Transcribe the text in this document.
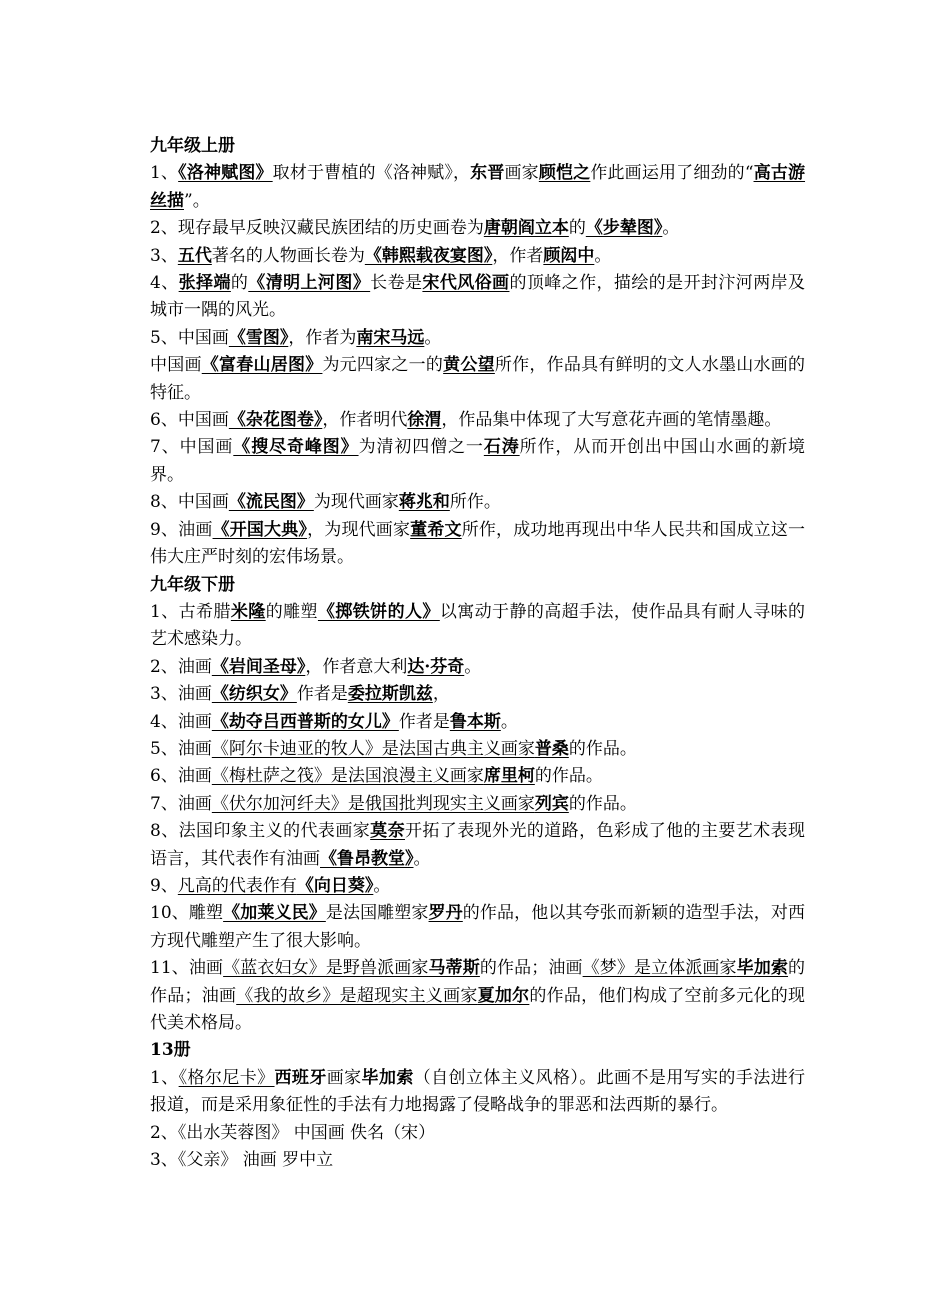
九年级上册

1、《洛神赋图》取材于曹植的《洛神赋》，东晋画家顾恺之作此画运用了细劲的“高古游丝描”。

2、现存最早反映汉藏民族团结的历史画卷为唐朝阎立本的《步辇图》。

3、五代著名的人物画长卷为《韩熙载夜宴图》，作者顾闳中。

4、张择端的《清明上河图》长卷是宋代风俗画的顶峰之作，描绘的是开封汴河两岸及城市一隅的风光。

5、中国画《雪图》，作者为南宋马远。

中国画《富春山居图》为元四家之一的黄公望所作，作品具有鲜明的文人水墨山水画的特征。

6、中国画《杂花图卷》，作者明代徐渭，作品集中体现了大写意花卉画的笔情墨趣。

7、中国画《搜尽奇峰图》为清初四僧之一石涛所作，从而开创出中国山水画的新境界。

8、中国画《流民图》为现代画家蒋兆和所作。

9、油画《开国大典》，为现代画家董希文所作，成功地再现出中华人民共和国成立这一伟大庄严时刻的宏伟场景。

九年级下册

1、古希腊米隆的雕塑《掷铁饼的人》以寓动于静的高超手法，使作品具有耐人寻味的艺术感染力。

2、油画《岩间圣母》，作者意大利达·芬奇。

3、油画《纺织女》作者是委拉斯凯兹，

4、油画《劫夺吕西普斯的女儿》作者是鲁本斯。

5、油画《阿尔卡迪亚的牧人》是法国古典主义画家普桑的作品。

6、油画《梅杜萨之筏》是法国浪漫主义画家席里柯的作品。

7、油画《伏尔加河纤夫》是俄国批判现实主义画家列宾的作品。

8、法国印象主义的代表画家莫奈开拓了表现外光的道路，色彩成了他的主要艺术表现语言，其代表作有油画《鲁昂教堂》。

9、凡高的代表作有《向日葵》。

10、雕塑《加莱义民》是法国雕塑家罗丹的作品，他以其夸张而新颖的造型手法，对西方现代雕塑产生了很大影响。

11、油画《蓝衣妇女》是野兽派画家马蒂斯的作品；油画《梦》是立体派画家毕加索的作品；油画《我的故乡》是超现实主义画家夏加尔的作品，他们构成了空前多元化的现代美术格局。

13册

1、《格尔尼卡》西班牙画家毕加索（自创立体主义风格）。此画不是用写实的手法进行报道，而是采用象征性的手法有力地揭露了侵略战争的罪恶和法西斯的暴行。

2、《出水芙蓉图》 中国画 佚名（宋）

3、《父亲》 油画 罗中立
